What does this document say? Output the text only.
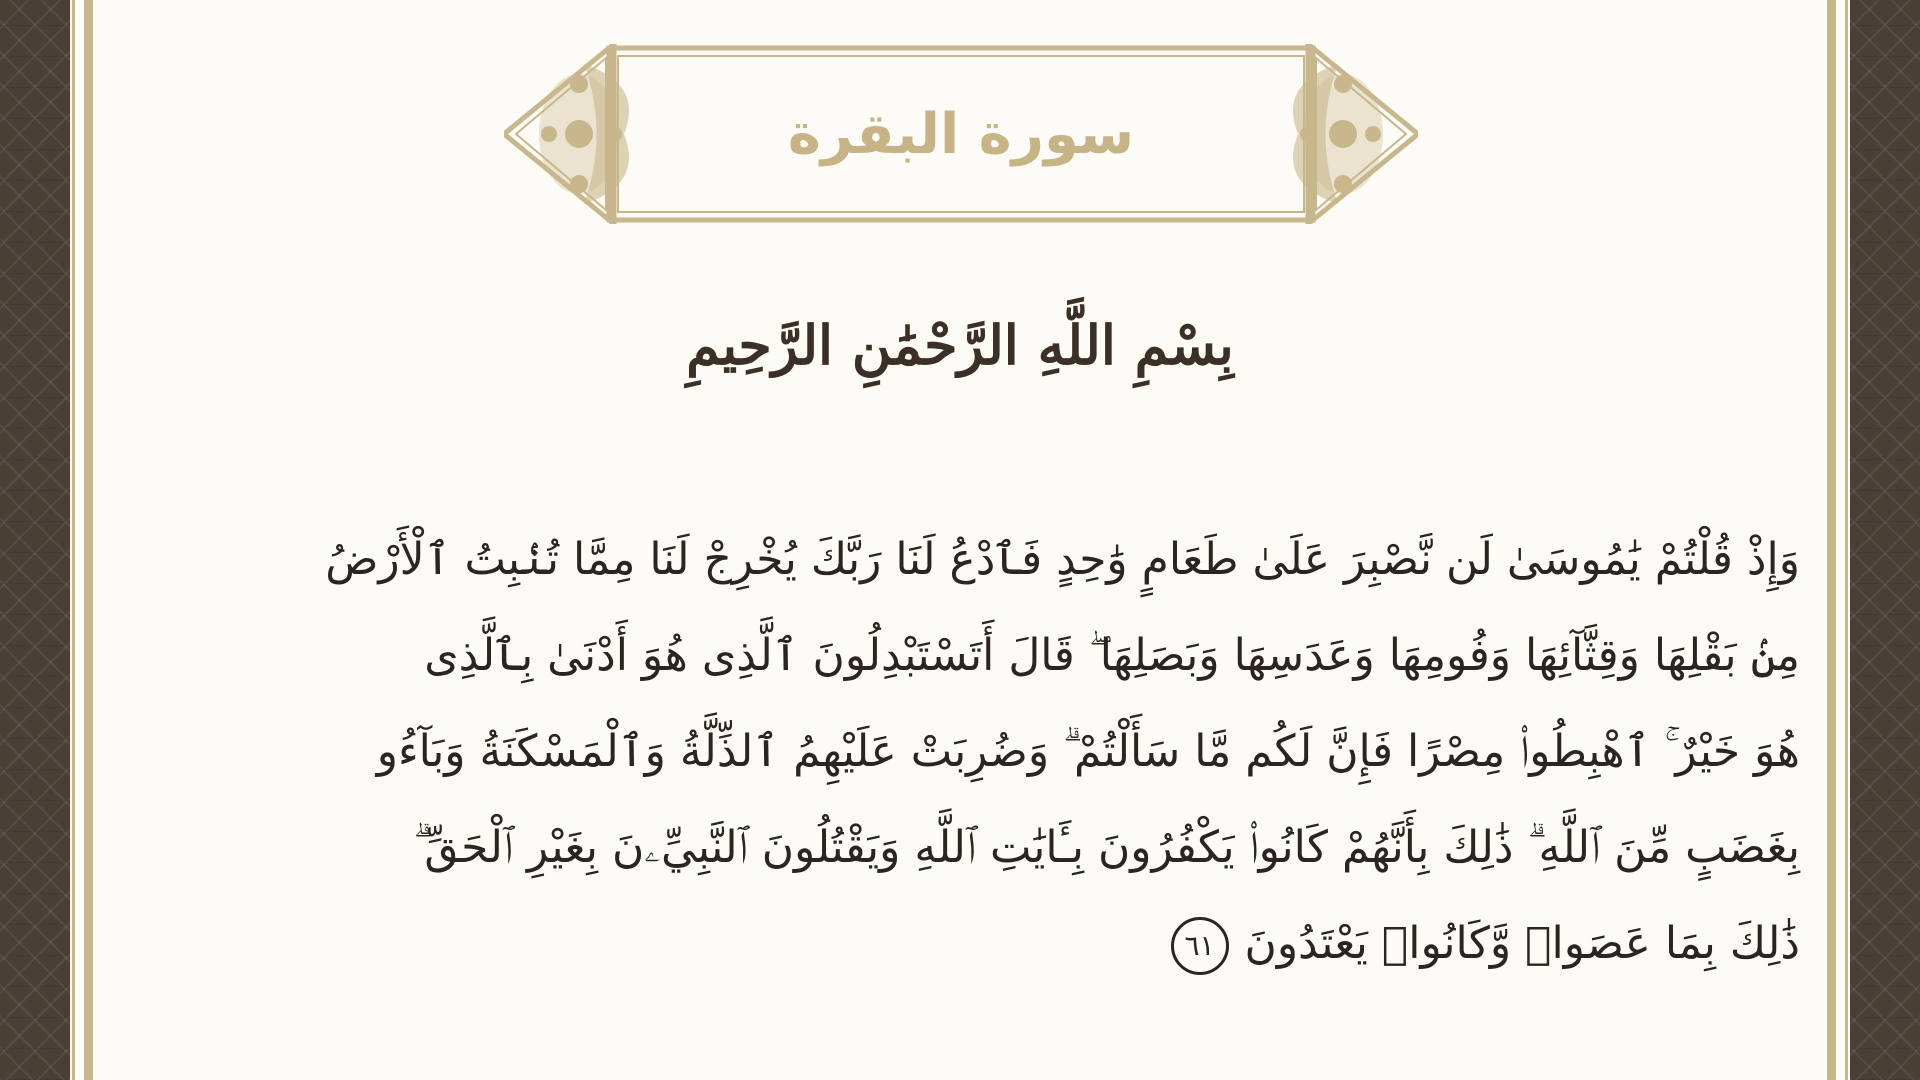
سورة البقرة
بِسْمِ اللَّهِ الرَّحْمَٰنِ الرَّحِيمِ
وَإِذْ قُلْتُمْ يَٰمُوسَىٰ لَن نَّصْبِرَ عَلَىٰ طَعَامٍ وَٰحِدٍ فَٱدْعُ لَنَا رَبَّكَ يُخْرِجْ لَنَا مِمَّا تُنۢبِتُ ٱلْأَرْضُ
مِنۢ بَقْلِهَا وَقِثَّآئِهَا وَفُومِهَا وَعَدَسِهَا وَبَصَلِهَا ۖ قَالَ أَتَسْتَبْدِلُونَ ٱلَّذِى هُوَ أَدْنَىٰ بِٱلَّذِى
هُوَ خَيْرٌ ۚ ٱهْبِطُوا۟ مِصْرًا فَإِنَّ لَكُم مَّا سَأَلْتُمْ ۗ وَضُرِبَتْ عَلَيْهِمُ ٱلذِّلَّةُ وَٱلْمَسْكَنَةُ وَبَآءُو
بِغَضَبٍ مِّنَ ٱللَّهِ ۗ ذَٰلِكَ بِأَنَّهُمْ كَانُوا۟ يَكْفُرُونَ بِـَٔايَٰتِ ٱللَّهِ وَيَقْتُلُونَ ٱلنَّبِيِّۦنَ بِغَيْرِ ٱلْحَقِّ ۗ
ذَٰلِكَ بِمَا عَصَوا۟ وَّكَانُوا۟ يَعْتَدُونَ٦١
